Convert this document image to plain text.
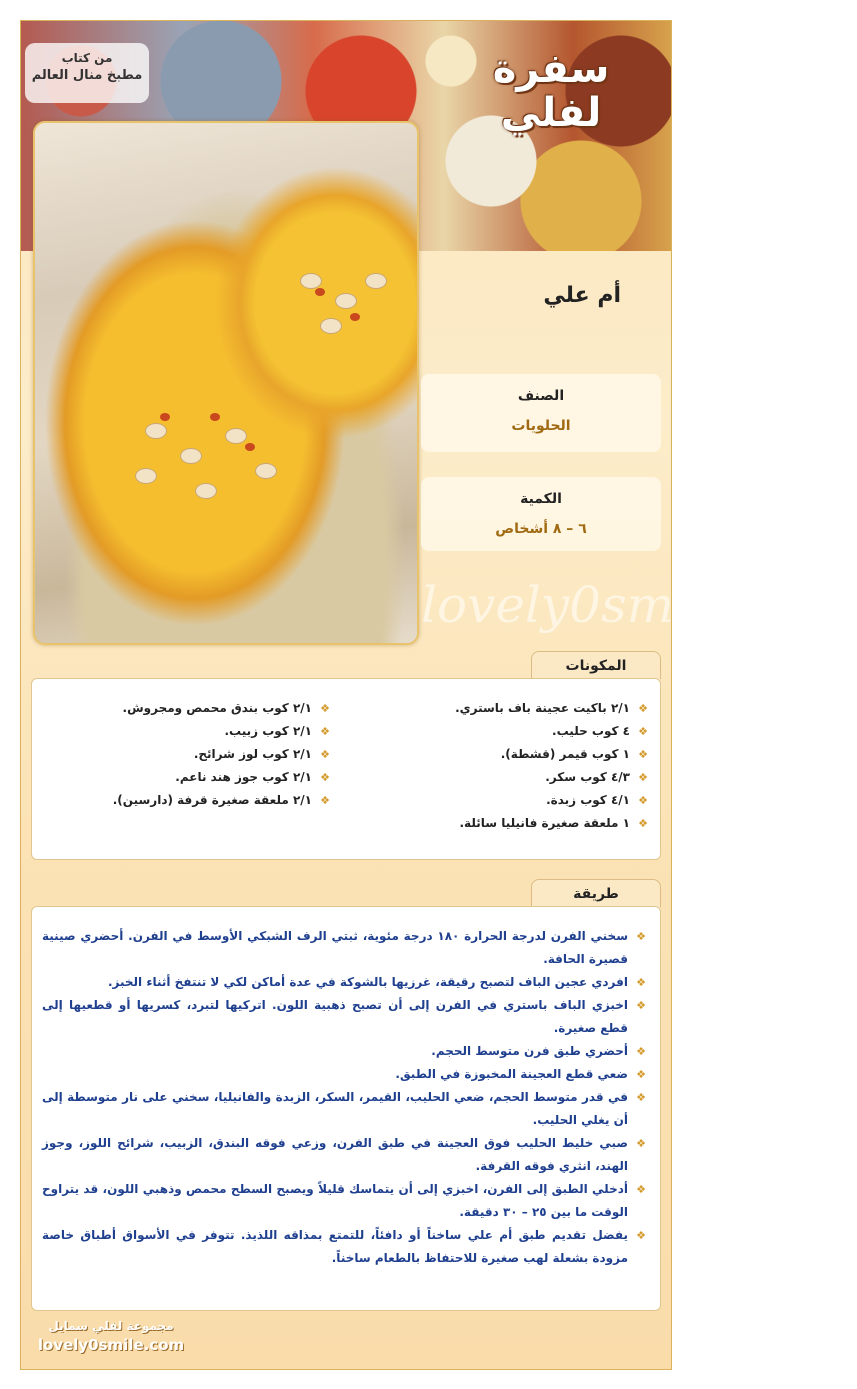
من كتاب
مطبخ منال العالم	سفرة
لفلي
أم علي
الصنف
الحلويات
الكمية
٦ – ٨ أشخاص
lovely0smile.com
المكونات
❖ ٢/١ باكيت عجينة باف باستري.
❖ ٤ كوب حليب.
❖ ١ كوب قيمر (قشطة).
❖ ٤/٣ كوب سكر.
❖ ٤/١ كوب زبدة.
❖ ١ ملعقة صغيرة فانيليا سائلة.
❖ ٢/١ كوب بندق محمص ومجروش.
❖ ٢/١ كوب زبيب.
❖ ٢/١ كوب لوز شرائح.
❖ ٢/١ كوب جوز هند ناعم.
❖ ٢/١ ملعقة صغيرة قرفة (دارسين).
طريقة
❖ سخني الفرن لدرجة الحرارة ١٨٠ درجة مئوية، ثبتي الرف الشبكي الأوسط في الفرن. أحضري صينية قصيرة الحافة.
❖ افردي عجين الباف لتصبح رقيقة، غرزيها بالشوكة في عدة أماكن لكي لا تنتفخ أثناء الخبز.
❖ اخبزي الباف باستري في الفرن إلى أن تصبح ذهبية اللون. اتركيها لتبرد، كسريها أو قطعيها إلى قطع صغيرة.
❖ أحضري طبق فرن متوسط الحجم.
❖ ضعي قطع العجينة المخبوزة في الطبق.
❖ في قدر متوسط الحجم، ضعي الحليب، القيمر، السكر، الزبدة والفانيليا، سخني على نار متوسطة إلى أن يغلي الحليب.
❖ صبي خليط الحليب فوق العجينة في طبق الفرن، وزعي فوقه البندق، الزبيب، شرائح اللوز، وجوز الهند، انثري فوقه القرفة.
❖ أدخلي الطبق إلى الفرن، اخبزي إلى أن يتماسك قليلاً ويصبح السطح محمص وذهبي اللون، قد يتراوح الوقت ما بين ٢٥ – ٣٠ دقيقة.
❖ يفضل تقديم طبق أم علي ساخناً أو دافئاً، للتمتع بمذاقه اللذيذ. تتوفر في الأسواق أطباق خاصة مزودة بشعلة لهب صغيرة للاحتفاظ بالطعام ساخناً.
مجموعة لفلي سمايل
lovely0smile.com
